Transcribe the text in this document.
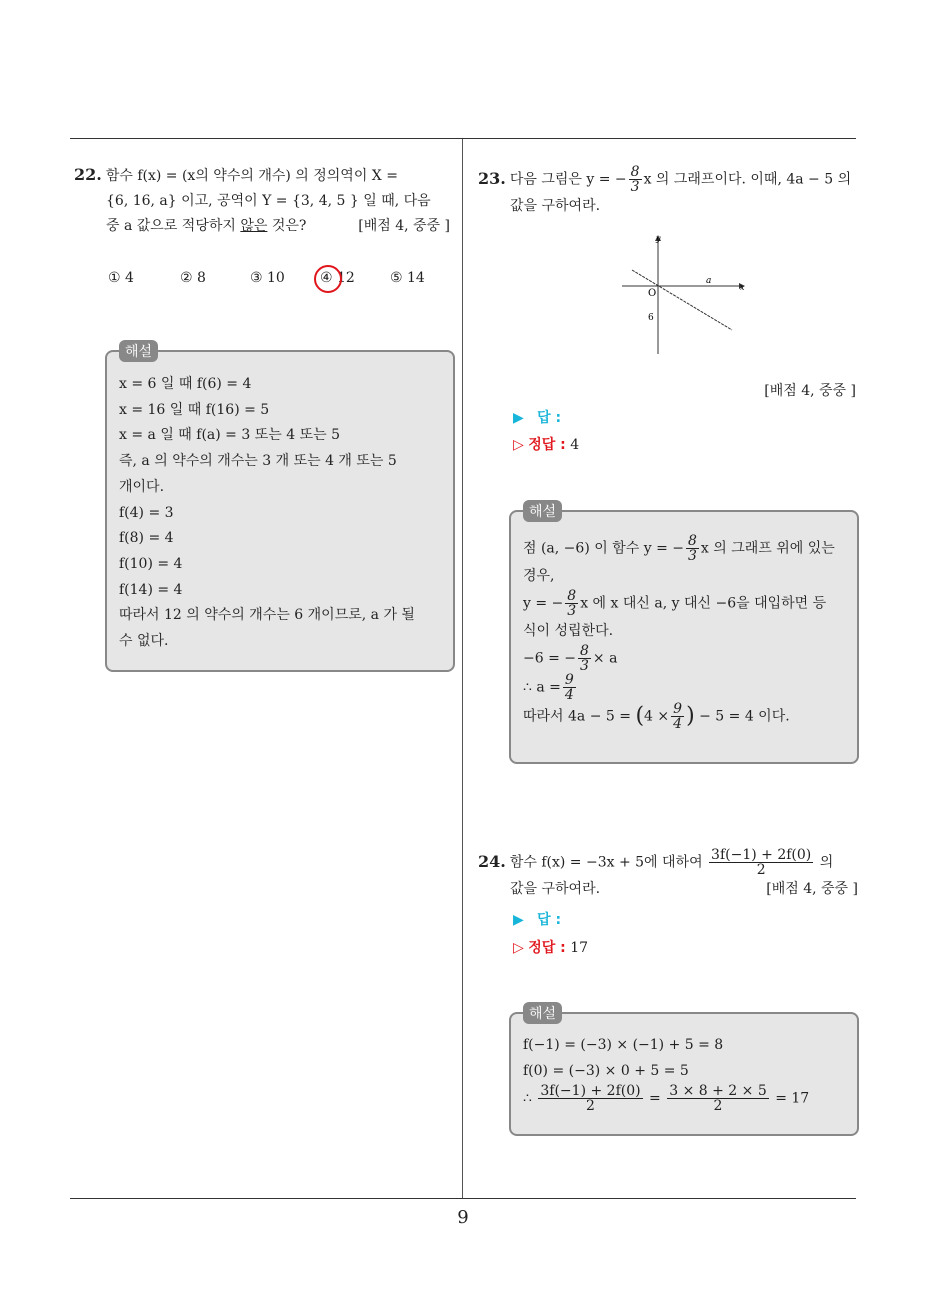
9
22. 함수 f(x) = (x의 약수의 개수) 의 정의역이 X =
{6, 16, a} 이고, 공역이 Y = {3, 4, 5 } 일 때, 다음
중 a 값으로 적당하지 않은 것은?	[배점 4, 중중 ]
① 4	② 8	③ 10	④ 12	⑤ 14
해설
x = 6 일 때 f(6) = 4
x = 16 일 때 f(16) = 5
x = a 일 때 f(a) = 3 또는 4 또는 5
즉, a 의 약수의 개수는 3 개 또는 4 개 또는 5
개이다.
f(4) = 3
f(8) = 4
f(10) = 4
f(14) = 4
따라서 12 의 약수의 개수는 6 개이므로, a 가 될
수 없다.
23. 다음 그림은 y = − $\frac{8}{3}$ x 의 그래프이다. 이때, 4a − 5 의
값을 구하여라.
y
x
a
O
6
[배점 4, 중중 ]
▶ 답 :
▷ 정답 : 4
해설
점 (a, −6) 이 함수 y = − $\frac{8}{3}$ x 의 그래프 위에 있는
경우,
y = − $\frac{8}{3}$ x 에 x 대신 a, y 대신 −6을 대입하면 등
식이 성립한다.
−6 = − $\frac{8}{3} \times a$
∴ $a = \frac{9}{4}$
따라서 $4a - 5 = (4 \times \frac{9}{4}$ ) − 5 = 4 이다.
24. 함수 f(x) = −3x + 5에 대하여 $\frac{3f(-1) + 2f(0)}{2}$ 의
값을 구하여라.	[배점 4, 중중 ]
▶ 답 :
▷ 정답 : 17
해설
f(−1) = (−3) × (−1) + 5 = 8
f(0) = (−3) × 0 + 5 = 5
∴ $\frac{3f(-1) + 2f(0)}{2} = \frac{3 \times 8 + 2 \times 5}{2} = 17$
